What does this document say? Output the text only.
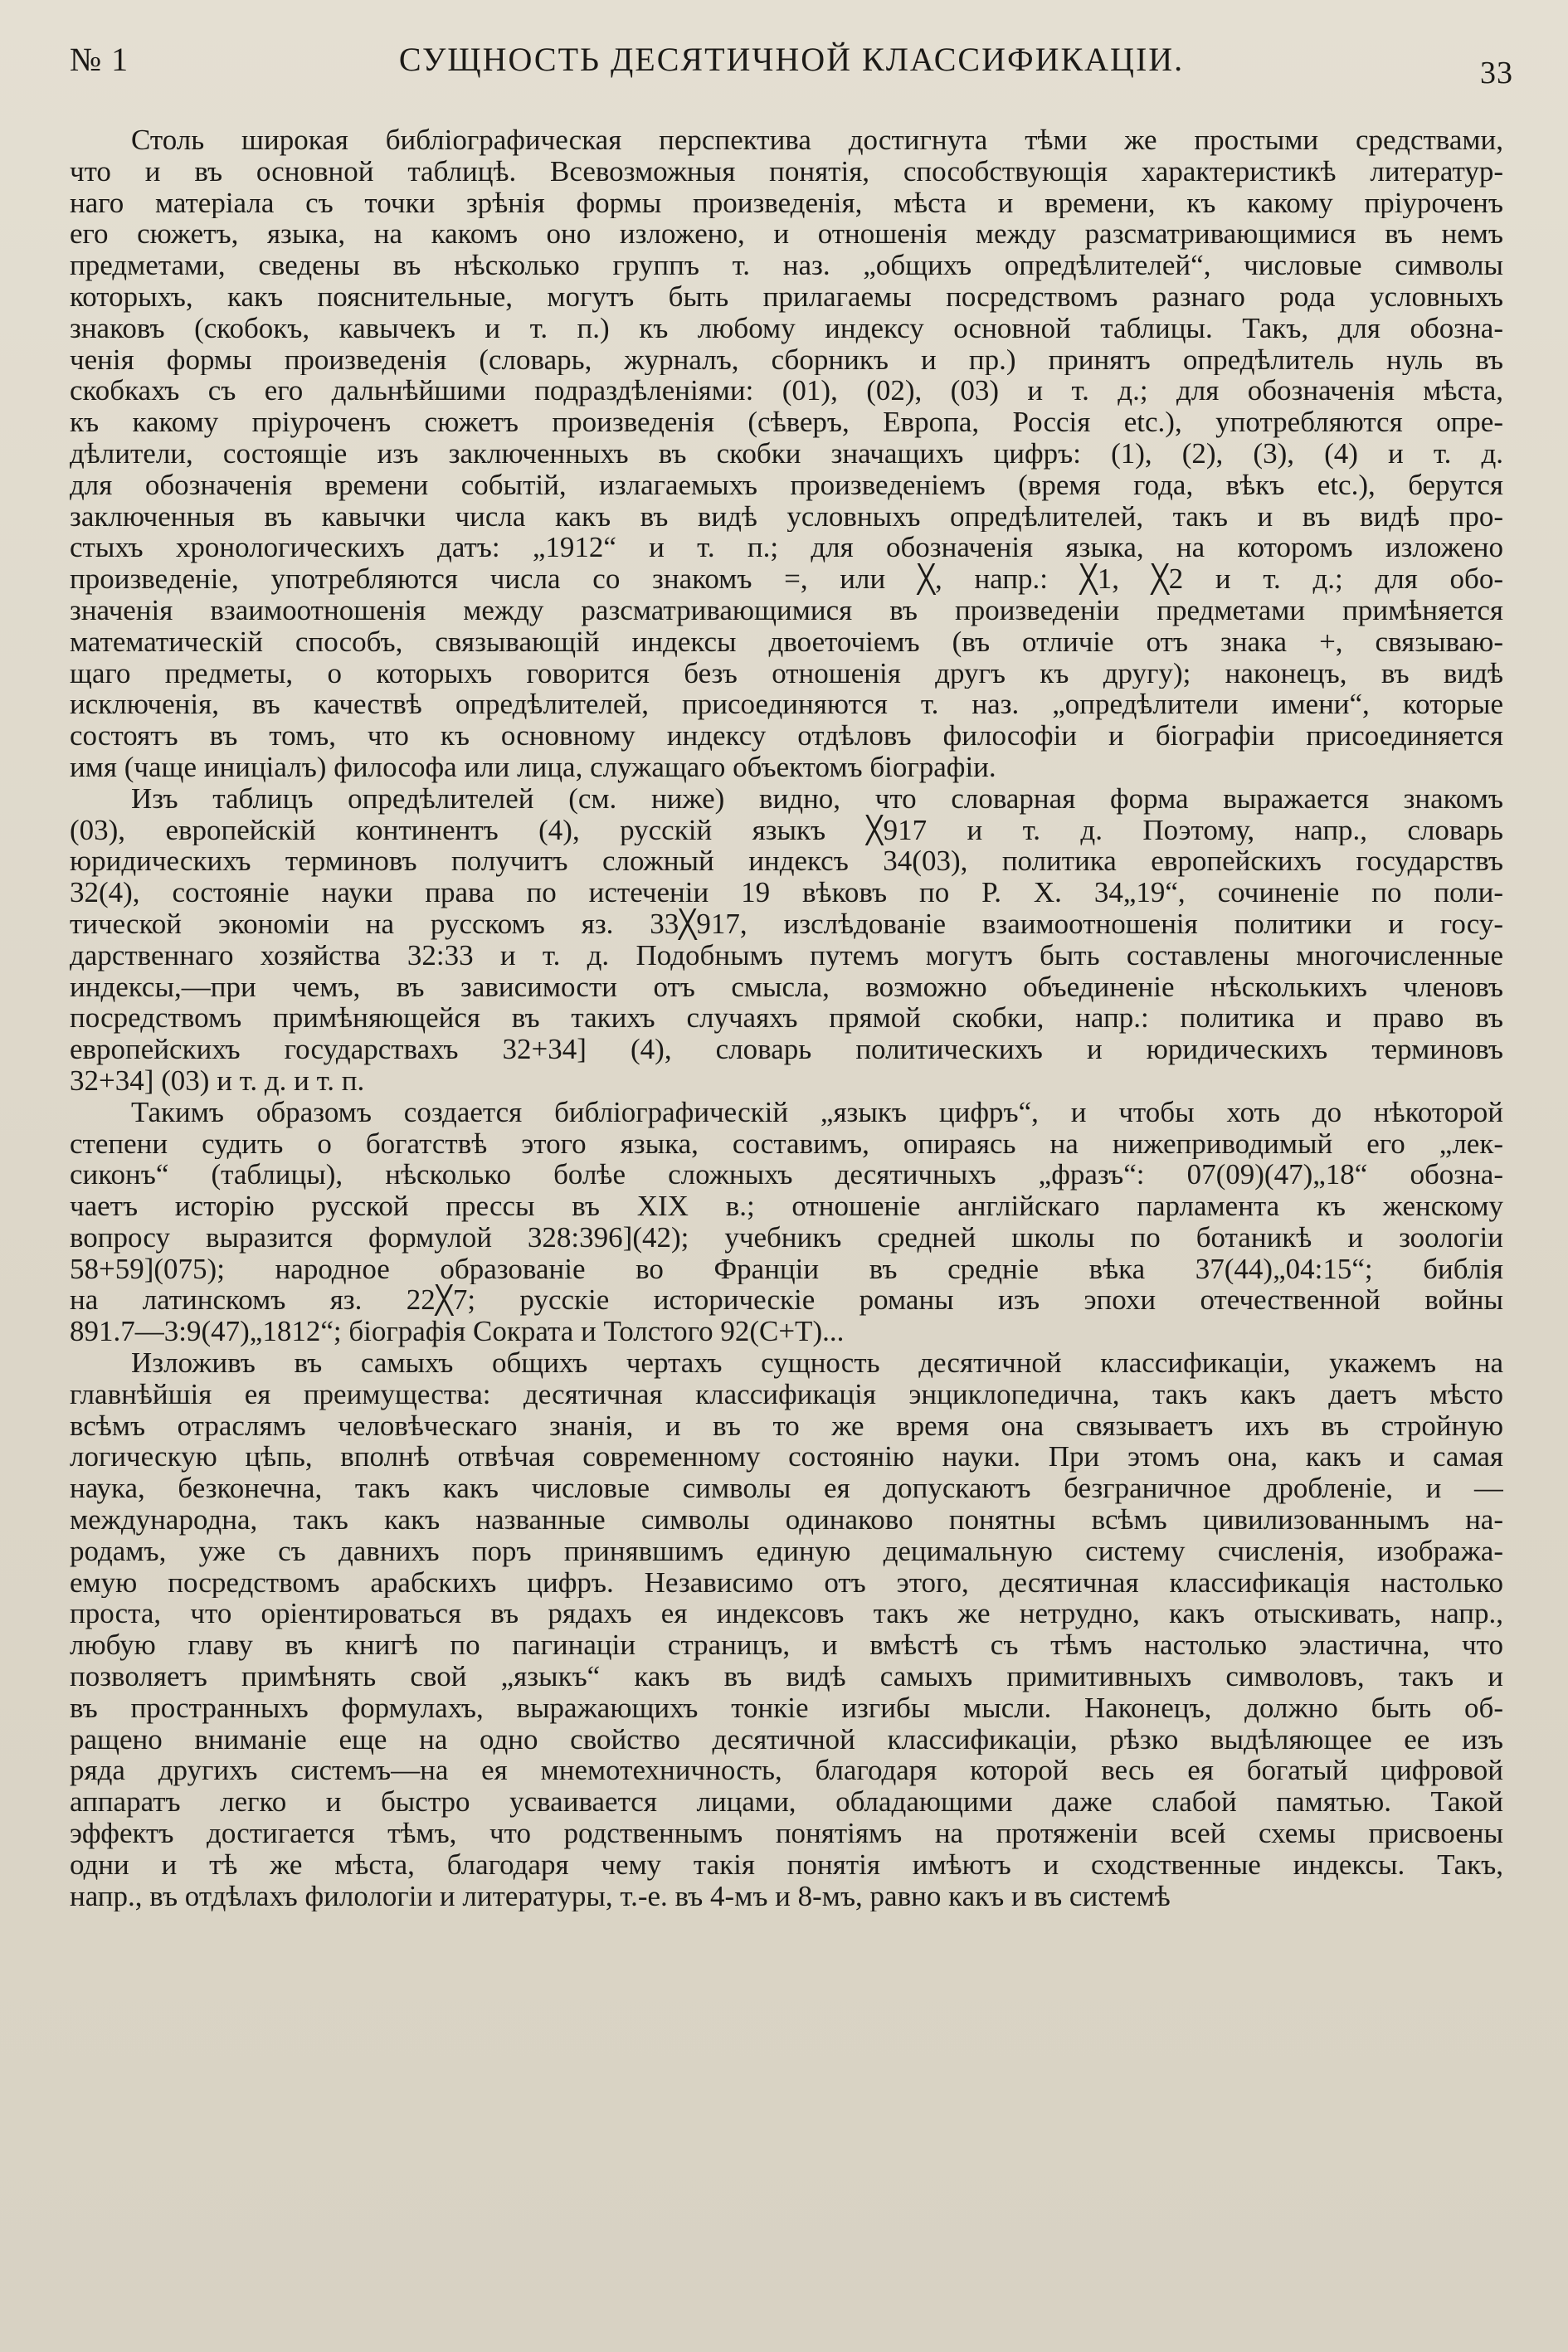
№ 1	СУЩНОСТЬ ДЕСЯТИЧНОЙ КЛАССИФИКАЦІИ.	33
Столь широкая библіографическая перспектива достигнута тѣми же простыми средствами,
что и въ основной таблицѣ. Всевозможныя понятія, способствующія характеристикѣ литератур-
наго матеріала съ точки зрѣнія формы произведенія, мѣста и времени, къ какому пріуроченъ
его сюжетъ, языка, на какомъ оно изложено, и отношенія между разсматривающимися въ немъ
предметами, сведены въ нѣсколько группъ т. наз. „общихъ опредѣлителей“, числовые символы
которыхъ, какъ пояснительные, могутъ быть прилагаемы посредствомъ разнаго рода условныхъ
знаковъ (скобокъ, кавычекъ и т. п.) къ любому индексу основной таблицы. Такъ, для обозна-
ченія формы произведенія (словарь, журналъ, сборникъ и пр.) принятъ опредѣлитель нуль въ
скобкахъ съ его дальнѣйшими подраздѣленіями: (01), (02), (03) и т. д.; для обозначенія мѣста,
къ какому пріуроченъ сюжетъ произведенія (сѣверъ, Европа, Россія etc.), употребляются опре-
дѣлители, состоящіе изъ заключенныхъ въ скобки значащихъ цифръ: (1), (2), (3), (4) и т. д.
для обозначенія времени событій, излагаемыхъ произведеніемъ (время года, вѣкъ etc.), берутся
заключенныя въ кавычки числа какъ въ видѣ условныхъ опредѣлителей, такъ и въ видѣ про-
стыхъ хронологическихъ датъ: „1912“ и т. п.; для обозначенія языка, на которомъ изложено
произведеніе, употребляются числа со знакомъ =, или ╳, напр.: ╳1, ╳2 и т. д.; для обо-
значенія взаимоотношенія между разсматривающимися въ произведеніи предметами примѣняется
математическій способъ, связывающій индексы двоеточіемъ (въ отличіе отъ знака +, связываю-
щаго предметы, о которыхъ говорится безъ отношенія другъ къ другу); наконецъ, въ видѣ
исключенія, въ качествѣ опредѣлителей, присоединяются т. наз. „опредѣлители имени“, которые
состоятъ въ томъ, что къ основному индексу отдѣловъ философіи и біографіи присоединяется
имя (чаще иниціалъ) философа или лица, служащаго объектомъ біографіи.
Изъ таблицъ опредѣлителей (см. ниже) видно, что словарная форма выражается знакомъ
(03), европейскій континентъ (4), русскій языкъ ╳917 и т. д. Поэтому, напр., словарь
юридическихъ терминовъ получитъ сложный индексъ 34(03), политика европейскихъ государствъ
32(4), состояніе науки права по истеченіи 19 вѣковъ по Р. Х. 34„19“, сочиненіе по поли-
тической экономіи на русскомъ яз. 33╳917, изслѣдованіе взаимоотношенія политики и госу-
дарственнаго хозяйства 32:33 и т. д. Подобнымъ путемъ могутъ быть составлены многочисленные
индексы,—при чемъ, въ зависимости отъ смысла, возможно объединеніе нѣсколькихъ членовъ
посредствомъ примѣняющейся въ такихъ случаяхъ прямой скобки, напр.: политика и право въ
европейскихъ государствахъ 32+34] (4), словарь политическихъ и юридическихъ терминовъ
32+34] (03) и т. д. и т. п.
Такимъ образомъ создается библіографическій „языкъ цифръ“, и чтобы хоть до нѣкоторой
степени судить о богатствѣ этого языка, составимъ, опираясь на нижеприводимый его „лек-
сиконъ“ (таблицы), нѣсколько болѣе сложныхъ десятичныхъ „фразъ“: 07(09)(47)„18“ обозна-
чаетъ исторію русской прессы въ XIX в.; отношеніе англійскаго парламента къ женскому
вопросу выразится формулой 328:396](42); учебникъ средней школы по ботаникѣ и зоологіи
58+59](075); народное образованіе во Франціи въ средніе вѣка 37(44)„04:15“; библія
на латинскомъ яз. 22╳7; русскіе историческіе романы изъ эпохи отечественной войны
891.7—3:9(47)„1812“; біографія Сократа и Толстого 92(С+Т)...
Изложивъ въ самыхъ общихъ чертахъ сущность десятичной классификаціи, укажемъ на
главнѣйшія ея преимущества: десятичная классификація энциклопедична, такъ какъ даетъ мѣсто
всѣмъ отраслямъ человѣческаго знанія, и въ то же время она связываетъ ихъ въ стройную
логическую цѣпь, вполнѣ отвѣчая современному состоянію науки. При этомъ она, какъ и самая
наука, безконечна, такъ какъ числовые символы ея допускаютъ безграничное дробленіе, и —
международна, такъ какъ названные символы одинаково понятны всѣмъ цивилизованнымъ на-
родамъ, уже съ давнихъ поръ принявшимъ единую децимальную систему счисленія, изобража-
емую посредствомъ арабскихъ цифръ. Независимо отъ этого, десятичная классификація настолько
проста, что оріентироваться въ рядахъ ея индексовъ такъ же нетрудно, какъ отыскивать, напр.,
любую главу въ книгѣ по пагинаціи страницъ, и вмѣстѣ съ тѣмъ настолько эластична, что
позволяетъ примѣнять свой „языкъ“ какъ въ видѣ самыхъ примитивныхъ символовъ, такъ и
въ пространныхъ формулахъ, выражающихъ тонкіе изгибы мысли. Наконецъ, должно быть об-
ращено вниманіе еще на одно свойство десятичной классификаціи, рѣзко выдѣляющее ее изъ
ряда другихъ системъ—на ея мнемотехничность, благодаря которой весь ея богатый цифровой
аппаратъ легко и быстро усваивается лицами, обладающими даже слабой памятью. Такой
эффектъ достигается тѣмъ, что родственнымъ понятіямъ на протяженіи всей схемы присвоены
одни и тѣ же мѣста, благодаря чему такія понятія имѣютъ и сходственные индексы. Такъ,
напр., въ отдѣлахъ филологіи и литературы, т.-е. въ 4-мъ и 8-мъ, равно какъ и въ системѣ
